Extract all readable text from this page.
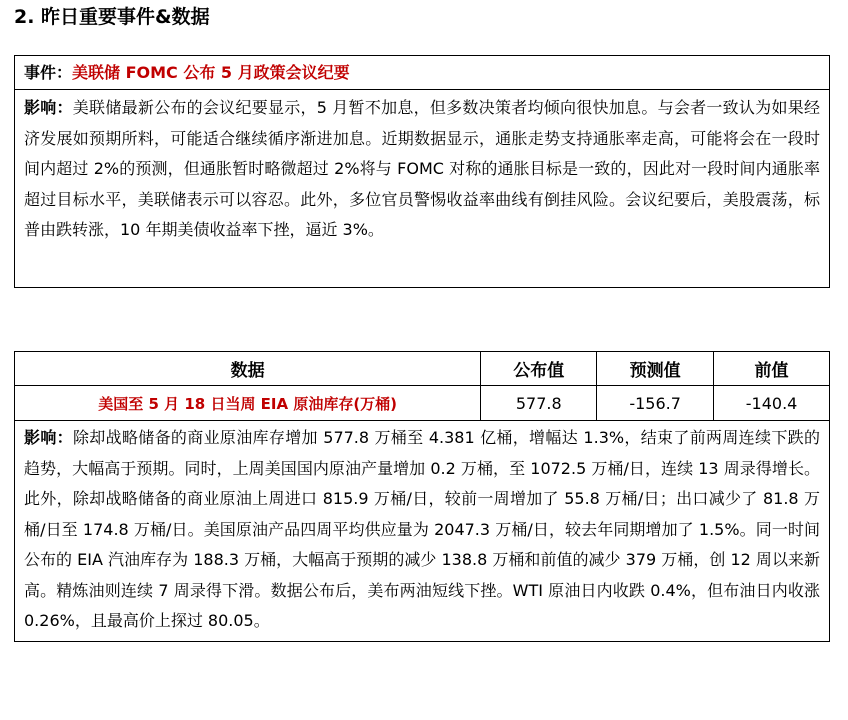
2. 昨日重要事件&数据
事件：美联储 FOMC 公布 5 月政策会议纪要
影响：美联储最新公布的会议纪要显示，5 月暂不加息，但多数决策者均倾向很快加息。与会者一致认为如果经济发展如预期所料，可能适合继续循序渐进加息。近期数据显示，通胀走势支持通胀率走高，可能将会在一段时间内超过 2%的预测，但通胀暂时略微超过 2%将与 FOMC 对称的通胀目标是一致的，因此对一段时间内通胀率超过目标水平，美联储表示可以容忍。此外，多位官员警惕收益率曲线有倒挂风险。会议纪要后，美股震荡，标普由跌转涨，10 年期美债收益率下挫，逼近 3%。
数据	公布值	预测值	前值
美国至 5 月 18 日当周 EIA 原油库存(万桶)	577.8	-156.7	-140.4
影响：除却战略储备的商业原油库存增加 577.8 万桶至 4.381 亿桶，增幅达 1.3%，结束了前两周连续下跌的趋势，大幅高于预期。同时，上周美国国内原油产量增加 0.2 万桶，至 1072.5 万桶/日，连续 13 周录得增长。此外，除却战略储备的商业原油上周进口 815.9 万桶/日，较前一周增加了 55.8 万桶/日；出口减少了 81.8 万桶/日至 174.8 万桶/日。美国原油产品四周平均供应量为 2047.3 万桶/日，较去年同期增加了 1.5%。同一时间公布的 EIA 汽油库存为 188.3 万桶，大幅高于预期的减少 138.8 万桶和前值的减少 379 万桶，创 12 周以来新高。精炼油则连续 7 周录得下滑。数据公布后，美布两油短线下挫。WTI 原油日内收跌 0.4%，但布油日内收涨 0.26%，且最高价上探过 80.05。			
